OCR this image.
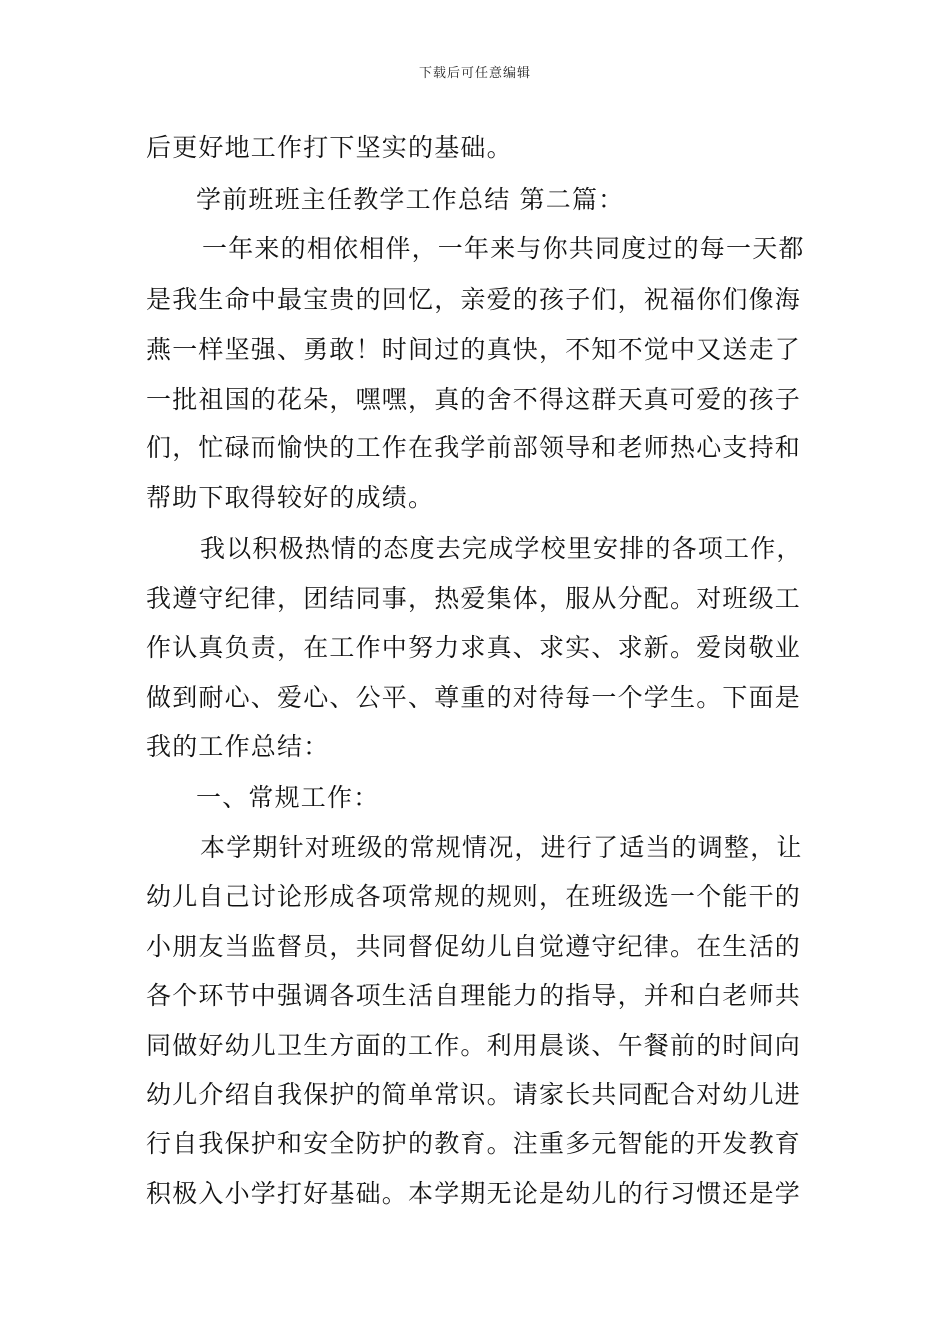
下载后可任意编辑
后更好地工作打下坚实的基础。
学前班班主任教学工作总结 第二篇：
一年来的相依相伴，一年来与你共同度过的每一天都
是我生命中最宝贵的回忆，亲爱的孩子们，祝福你们像海
燕一样坚强、勇敢！时间过的真快，不知不觉中又送走了
一批祖国的花朵，嘿嘿，真的舍不得这群天真可爱的孩子
们，忙碌而愉快的工作在我学前部领导和老师热心支持和
帮助下取得较好的成绩。
我以积极热情的态度去完成学校里安排的各项工作，
我遵守纪律，团结同事，热爱集体，服从分配。对班级工
作认真负责，在工作中努力求真、求实、求新。爱岗敬业
做到耐心、爱心、公平、尊重的对待每一个学生。下面是
我的工作总结：
一、常规工作：
本学期针对班级的常规情况，进行了适当的调整，让
幼儿自己讨论形成各项常规的规则，在班级选一个能干的
小朋友当监督员，共同督促幼儿自觉遵守纪律。在生活的
各个环节中强调各项生活自理能力的指导，并和白老师共
同做好幼儿卫生方面的工作。利用晨谈、午餐前的时间向
幼儿介绍自我保护的简单常识。请家长共同配合对幼儿进
行自我保护和安全防护的教育。注重多元智能的开发教育
积极入小学打好基础。本学期无论是幼儿的行习惯还是学
